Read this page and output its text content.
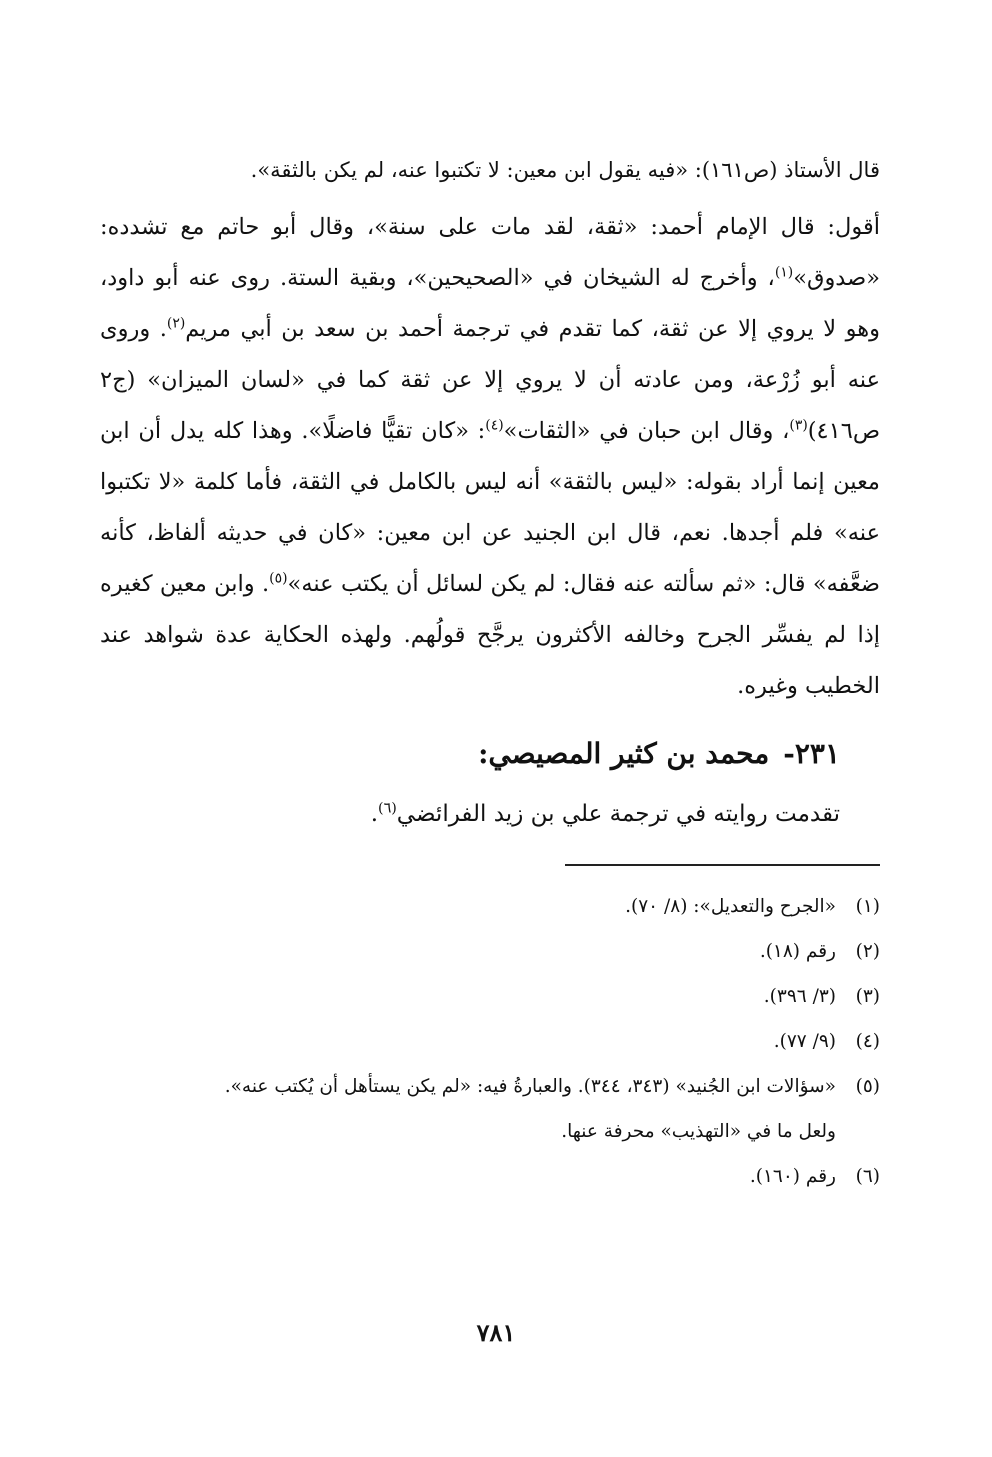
قال الأستاذ (ص١٦١): «فيه يقول ابن معين: لا تكتبوا عنه، لم يكن بالثقة».

أقول: قال الإمام أحمد: «ثقة، لقد مات على سنة»، وقال أبو حاتم مع تشدده: «صدوق»$^{(١)}$، وأخرج له الشيخان في «الصحيحين»، وبقية الستة. روى عنه أبو داود، وهو لا يروي إلا عن ثقة، كما تقدم في ترجمة أحمد بن سعد بن أبي مريم$^{(٢)}$. وروى عنه أبو زُرْعة، ومن عادته أن لا يروي إلا عن ثقة كما في «لسان الميزان» (ج٢ ص٤١٦)$^{(٣)}$، وقال ابن حبان في «الثقات»$^{(٤)}$: «كان تقيًّا فاضلًا». وهذا كله يدل أن ابن معين إنما أراد بقوله: «ليس بالثقة» أنه ليس بالكامل في الثقة، فأما كلمة «لا تكتبوا عنه» فلم أجدها. نعم، قال ابن الجنيد عن ابن معين: «كان في حديثه ألفاظ، كأنه ضعَّفه» قال: «ثم سألته عنه فقال: لم يكن لسائل أن يكتب عنه»$^{(٥)}$. وابن معين كغيره إذا لم يفسِّر الجرح وخالفه الأكثرون يرجَّح قولُهم. ولهذه الحكاية عدة شواهد عند الخطيب وغيره.

٢٣١-محمد بن كثير المصيصي:
تقدمت روايته في ترجمة علي بن زيد الفرائضي$^{(٦)}$.
(١)
«الجرح والتعديل»: (٨/ ٧٠).
(٢)
رقم (١٨).
(٣)
(٣/ ٣٩٦).
(٤)
(٩/ ٧٧).
(٥)
«سؤالات ابن الجُنيد» (٣٤٣، ٣٤٤). والعبارةُ فيه: «لم يكن يستأهل أن يُكتب عنه».
ولعل ما في «التهذيب» محرفة عنها.
(٦)
رقم (١٦٠).
٧٨١
